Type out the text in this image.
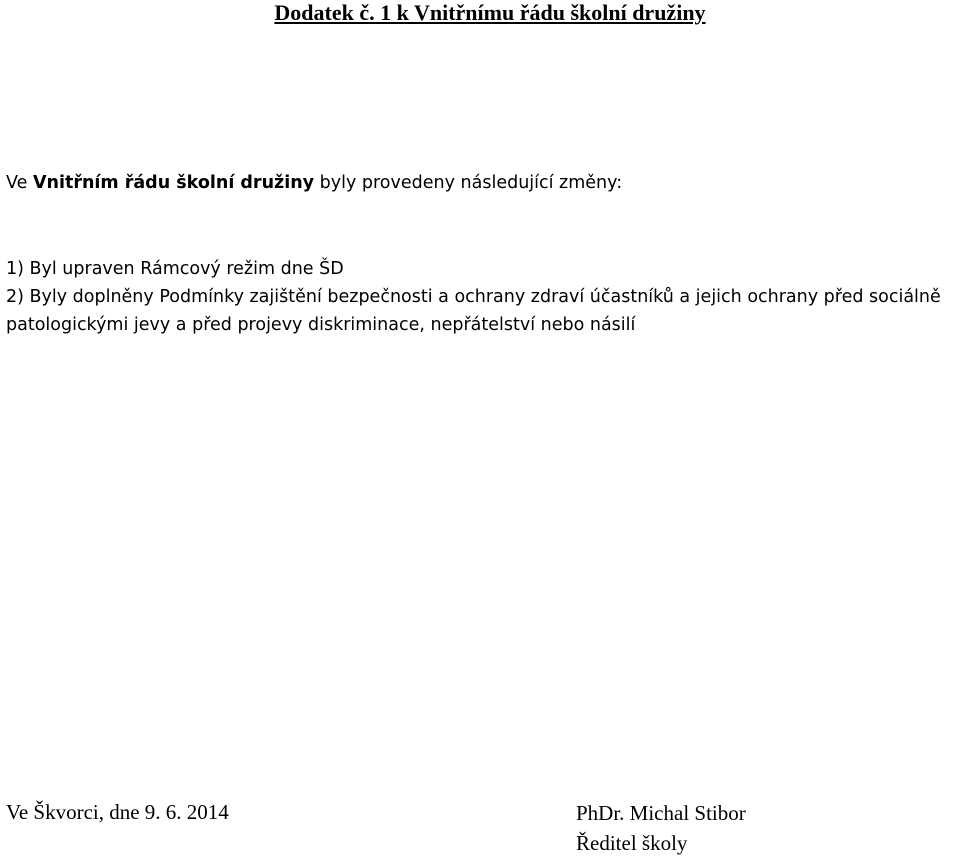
Dodatek č. 1 k Vnitřnímu řádu školní družiny

Ve Vnitřním řádu školní družiny byly provedeny následující změny:

1) Byl upraven Rámcový režim dne ŠD

2) Byly doplněny Podmínky zajištění bezpečnosti a ochrany zdraví účastníků a jejich ochrany před sociálně patologickými jevy a před projevy diskriminace, nepřátelství nebo násilí

Ve Škvorci, dne 9. 6. 2014	PhDr. Michal Stibor
Ředitel školy
